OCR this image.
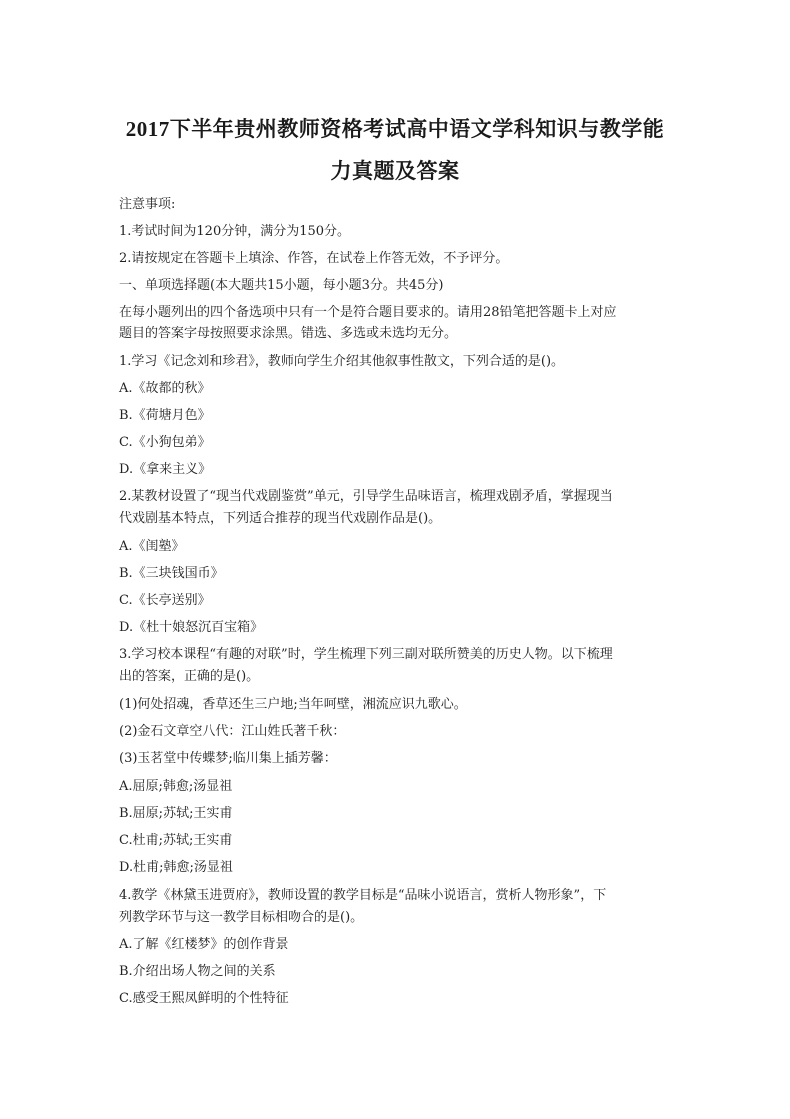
2017下半年贵州教师资格考试高中语文学科知识与教学能
力真题及答案
注意事项:
1.考试时间为120分钟，满分为150分。
2.请按规定在答题卡上填涂、作答，在试卷上作答无效，不予评分。
一、单项选择题(本大题共15小题，每小题3分。共45分)
在每小题列出的四个备选项中只有一个是符合题目要求的。请用28铅笔把答题卡上对应
题目的答案字母按照要求涂黑。错选、多选或未选均无分。
1.学习《记念刘和珍君》，教师向学生介绍其他叙事性散文，下列合适的是()。
A.《故都的秋》
B.《荷塘月色》
C.《小狗包弟》
D.《拿来主义》
2.某教材设置了“现当代戏剧鉴赏”单元，引导学生品味语言，梳理戏剧矛盾，掌握现当
代戏剧基本特点，下列适合推荐的现当代戏剧作品是()。
A.《闺塾》
B.《三块钱国币》
C.《长亭送别》
D.《杜十娘怒沉百宝箱》
3.学习校本课程“有趣的对联”时，学生梳理下列三副对联所赞美的历史人物。以下梳理
出的答案，正确的是()。
(1)何处招魂，香草还生三户地;当年呵壁，湘流应识九歌心。
(2)金石文章空八代：江山姓氏著千秋：
(3)玉茗堂中传蝶梦;临川集上插芳馨：
A.屈原;韩愈;汤显祖
B.屈原;苏轼;王实甫
C.杜甫;苏轼;王实甫
D.杜甫;韩愈;汤显祖
4.教学《林黛玉进贾府》，教师设置的教学目标是“品味小说语言，赏析人物形象”，下
列教学环节与这一教学目标相吻合的是()。
A.了解《红楼梦》的创作背景
B.介绍出场人物之间的关系
C.感受王熙凤鲜明的个性特征
